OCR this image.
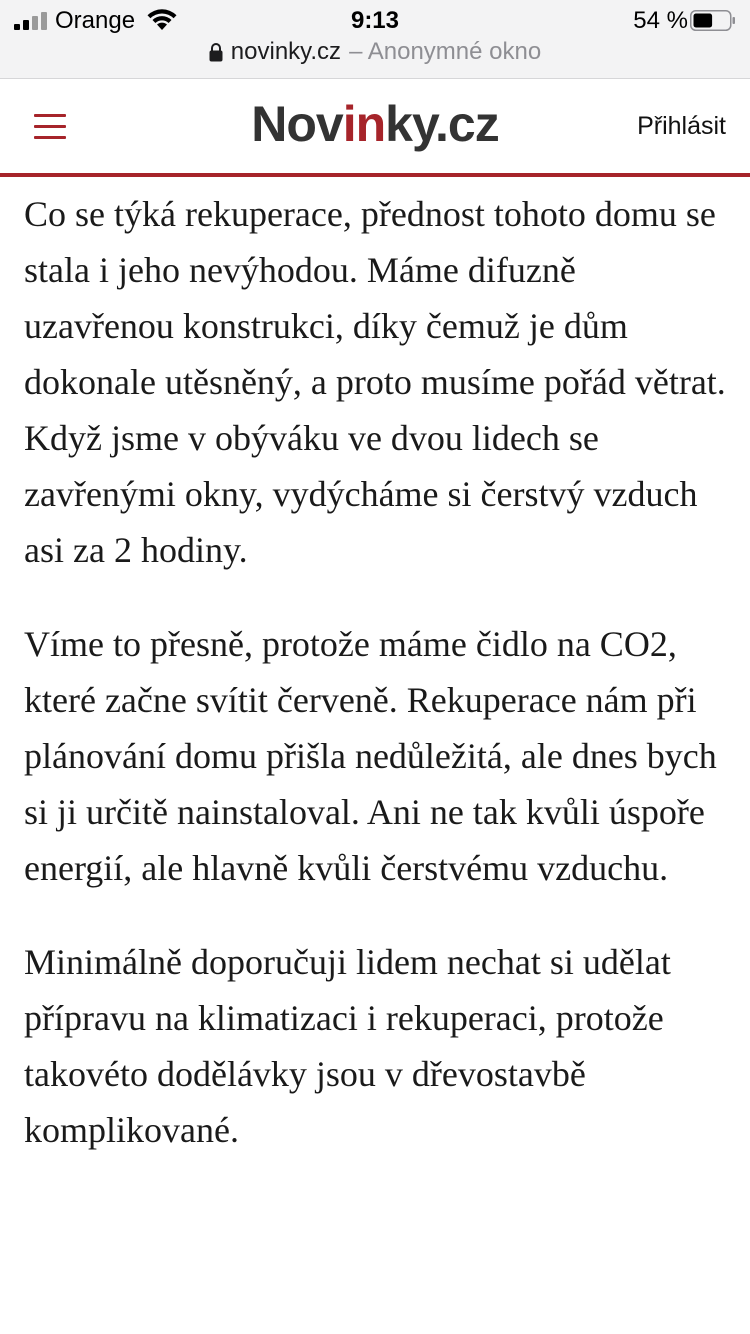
Orange	9:13	54 %
novinky.cz – Anonymné okno
Novinky.cz	Přihlásit

Co se týká rekuperace, přednost tohoto domu se stala i jeho nevýhodou. Máme difuzně uzavřenou konstrukci, díky čemuž je dům dokonale utěsněný, a proto musíme pořád větrat. Když jsme v obýváku ve dvou lidech se zavřenými okny, vydýcháme si čerstvý vzduch asi za 2 hodiny.

Víme to přesně, protože máme čidlo na CO2, které začne svítit červeně. Rekuperace nám při plánování domu přišla nedůležitá, ale dnes bych si ji určitě nainstaloval. Ani ne tak kvůli úspoře energií, ale hlavně kvůli čerstvému vzduchu.

Minimálně doporučuji lidem nechat si udělat přípravu na klimatizaci i rekuperaci, protože takovéto dodělávky jsou v dřevostavbě komplikované.
